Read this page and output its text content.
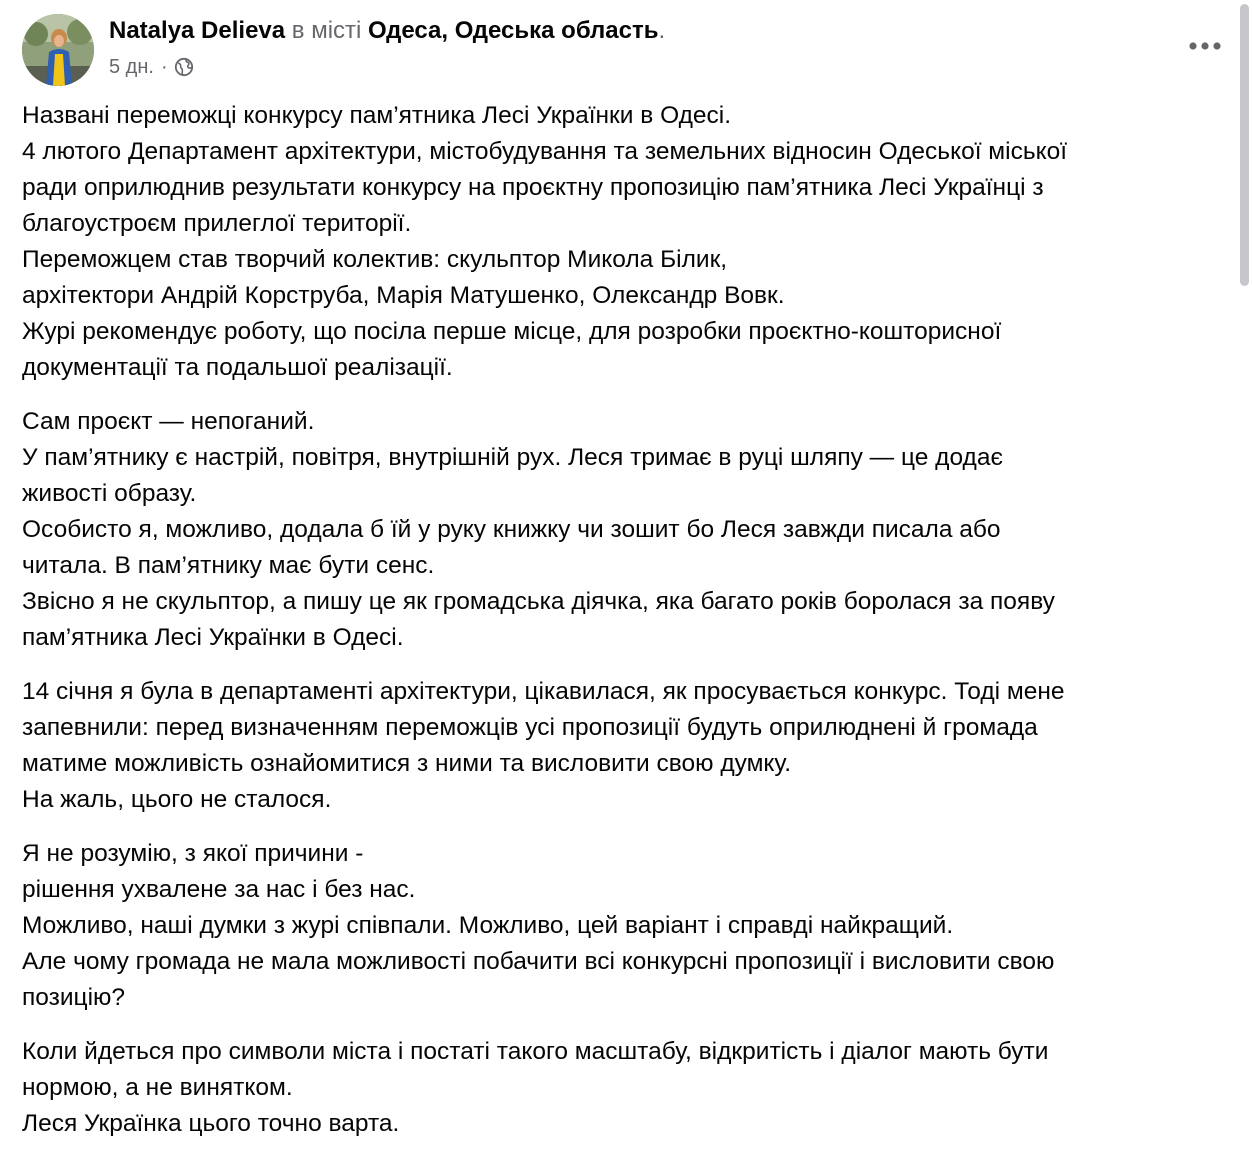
Natalya Delieva в місті Одеса, Одеська область.
5 дн. ·
Названі переможці конкурсу пам’ятника Лесі Українки в Одесі.
4 лютого Департамент архітектури, містобудування та земельних відносин Одеської міської
ради оприлюднив результати конкурсу на проєктну пропозицію пам’ятника Лесі Українці з
благоустроєм прилеглої території.
Переможцем став творчий колектив: скульптор Микола Білик,
архітектори Андрій Корструба, Марія Матушенко, Олександр Вовк.
Журі рекомендує роботу, що посіла перше місце, для розробки проєктно-кошторисної
документації та подальшої реалізації.
Сам проєкт — непоганий.
У пам’ятнику є настрій, повітря, внутрішній рух. Леся тримає в руці шляпу — це додає
живості образу.
Особисто я, можливо, додала б їй у руку книжку чи зошит бо Леся завжди писала або
читала. В пам’ятнику має бути сенс.
Звісно я не скульптор, а пишу це як громадська діячка, яка багато років боролася за появу
пам’ятника Лесі Українки в Одесі.
14 січня я була в департаменті архітектури, цікавилася, як просувається конкурс. Тоді мене
запевнили: перед визначенням переможців усі пропозиції будуть оприлюднені й громада
матиме можливість ознайомитися з ними та висловити свою думку.
На жаль, цього не сталося.
Я не розумію, з якої причини -
рішення ухвалене за нас і без нас.
Можливо, наші думки з журі співпали. Можливо, цей варіант і справді найкращий.
Але чому громада не мала можливості побачити всі конкурсні пропозиції і висловити свою
позицію?
Коли йдеться про символи міста і постаті такого масштабу, відкритість і діалог мають бути
нормою, а не винятком.
Леся Українка цього точно варта.
